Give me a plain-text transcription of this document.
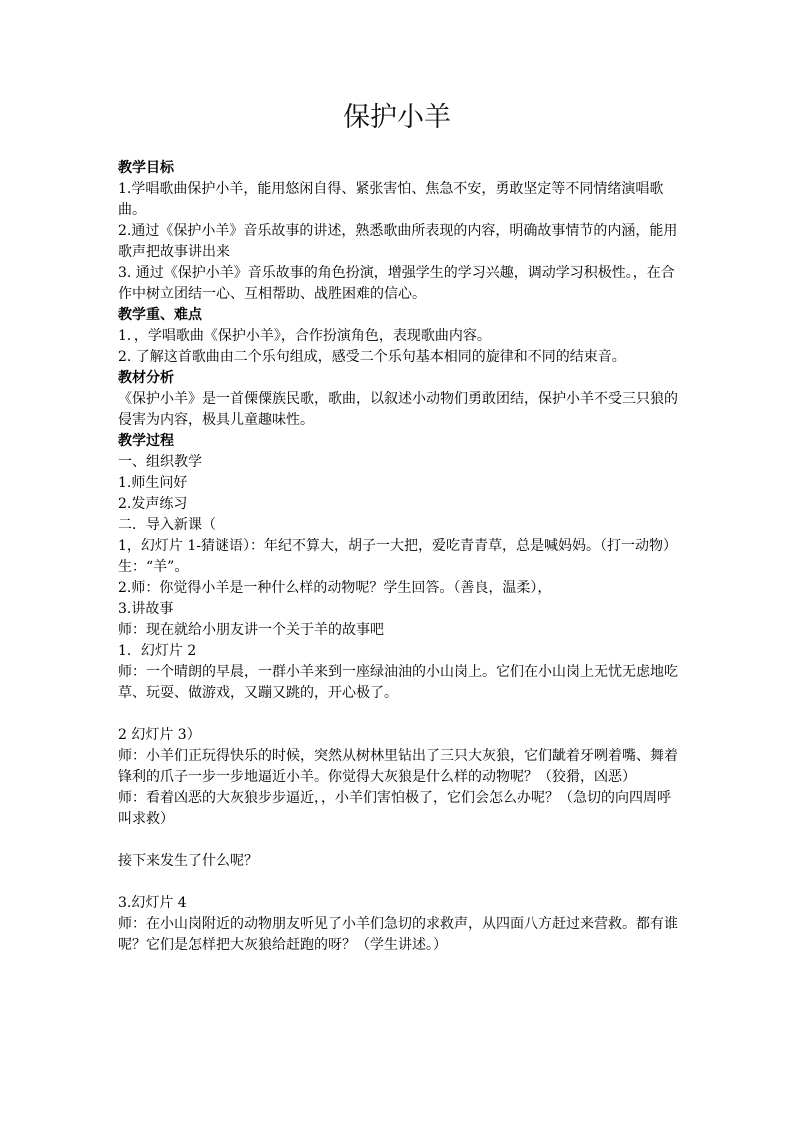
保护小羊
教学目标

1.学唱歌曲保护小羊，能用悠闲自得、紧张害怕、焦急不安，勇敢坚定等不同情绪演唱歌曲。

2.通过《保护小羊》音乐故事的讲述，熟悉歌曲所表现的内容，明确故事情节的内涵，能用歌声把故事讲出来

3. 通过《保护小羊》音乐故事的角色扮演，增强学生的学习兴趣，调动学习积极性。，在合作中树立团结一心、互相帮助、战胜困难的信心。

教学重、难点

1．，学唱歌曲《保护小羊》，合作扮演角色，表现歌曲内容。

2. 了解这首歌曲由二个乐句组成，感受二个乐句基本相同的旋律和不同的结束音。

教材分析

《保护小羊》是一首傈僳族民歌，歌曲，以叙述小动物们勇敢团结，保护小羊不受三只狼的侵害为内容，极具儿童趣味性。

教学过程

一、组织教学

1.师生问好

2.发声练习

二．导入新课（

1，幻灯片 1-猜谜语）：年纪不算大，胡子一大把，爱吃青青草，总是喊妈妈。（打一动物）

生：“羊”。

2.师：你觉得小羊是一种什么样的动物呢？学生回答。（善良，温柔），

3.讲故事

师：现在就给小朋友讲一个关于羊的故事吧

1．幻灯片 2

师：一个晴朗的早晨，一群小羊来到一座绿油油的小山岗上。它们在小山岗上无忧无虑地吃草、玩耍、做游戏，又蹦又跳的，开心极了。

2 幻灯片 3）

师：小羊们正玩得快乐的时候，突然从树林里钻出了三只大灰狼，它们龇着牙咧着嘴、舞着锋利的爪子一步一步地逼近小羊。你觉得大灰狼是什么样的动物呢？（狡猾，凶恶）

师：看着凶恶的大灰狼步步逼近，，小羊们害怕极了，它们会怎么办呢？（急切的向四周呼叫求救）

接下来发生了什么呢？

3.幻灯片 4

师：在小山岗附近的动物朋友听见了小羊们急切的求救声，从四面八方赶过来营救。都有谁呢？它们是怎样把大灰狼给赶跑的呀？（学生讲述。）
